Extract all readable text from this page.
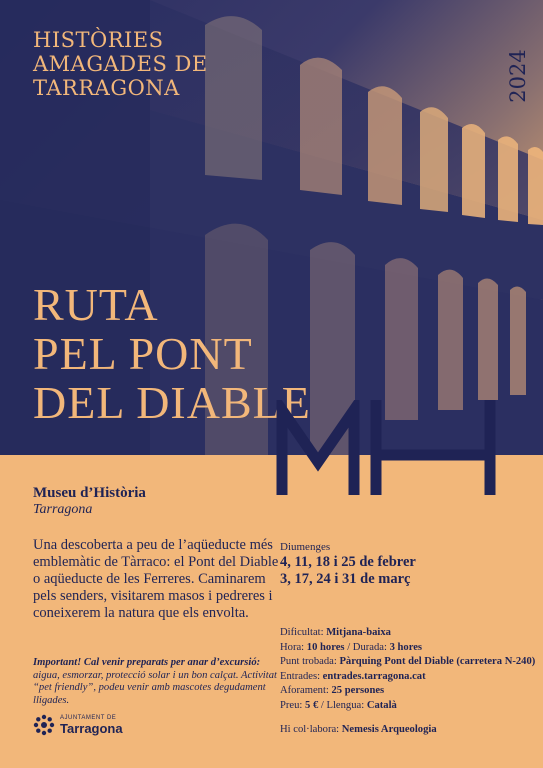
HISTÒRIES
AMAGADES DE
TARRAGONA	2024
RUTA
PEL PONT
DEL DIABLE
Museu d’Història
Tarragona
Una descoberta a peu de l’aqüeducte més emblemàtic de Tàrraco: el Pont del Diable o aqüeducte de les Ferreres. Caminarem pels senders, visitarem masos i pedreres i coneixerem la natura que els envolta.
Important! Cal venir preparats per anar d’excursió: aigua, esmorzar, protecció solar i un bon calçat. Activitat “pet friendly”, podeu venir amb mascotes degudament lligades.
Diumenges
4, 11, 18 i 25 de febrer
3, 17, 24 i 31 de març
Dificultat: Mitjana-baixa
Hora: 10 hores / Durada: 3 hores
Punt trobada: Pàrquing Pont del Diable (carretera N-240)
Entrades: entrades.tarragona.cat
Aforament: 25 persones
Preu: 5 € / Llengua: Català
Hi col·labora: Nemesis Arqueologia
AJUNTAMENT DE
Tarragona
